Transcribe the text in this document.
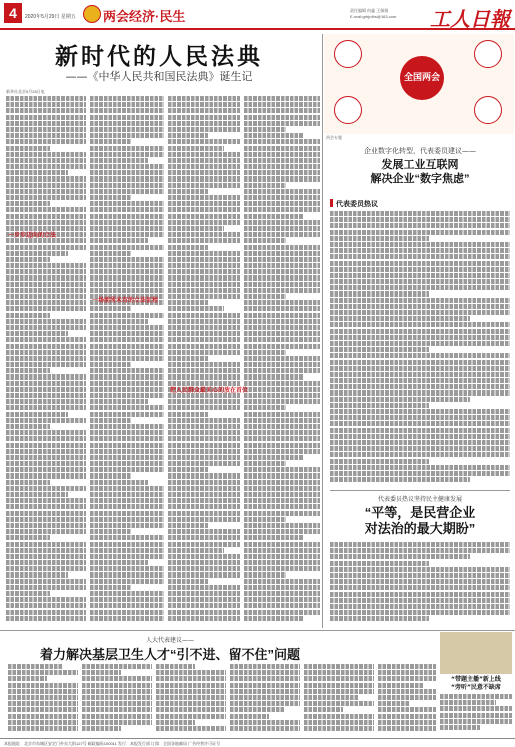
4	2020年5月29日 星期五 两会经济·民生	责任编辑 何鑫 王娟娟
E-mail:grbjrdhs@163.com 工人日報
新时代的人民法典
——《中华人民共和国民法典》诞生记
新华社北京5月28日电

一步步迈向的立法
一场前所未有的立法征程
把人民群众最关心的放在首位
全国两会
两会专题
企业数字化转型，代表委员建议——
发展工业互联网
解决企业“数字焦虑”
代表委员热议

代表委员热议坚持民主健康发展
“平等，是民营企业
对法治的最大期盼”

人大代表建议——
着力解决基层卫生人才“引不进、留不住”问题

“带题主播”新上线
“旁听”民意不缺席

本报地址：北京市东城区安定门外东大街127号 邮政编码100011 发行：本报发行部 订阅：全国各地邮局 广告经营许可证号
